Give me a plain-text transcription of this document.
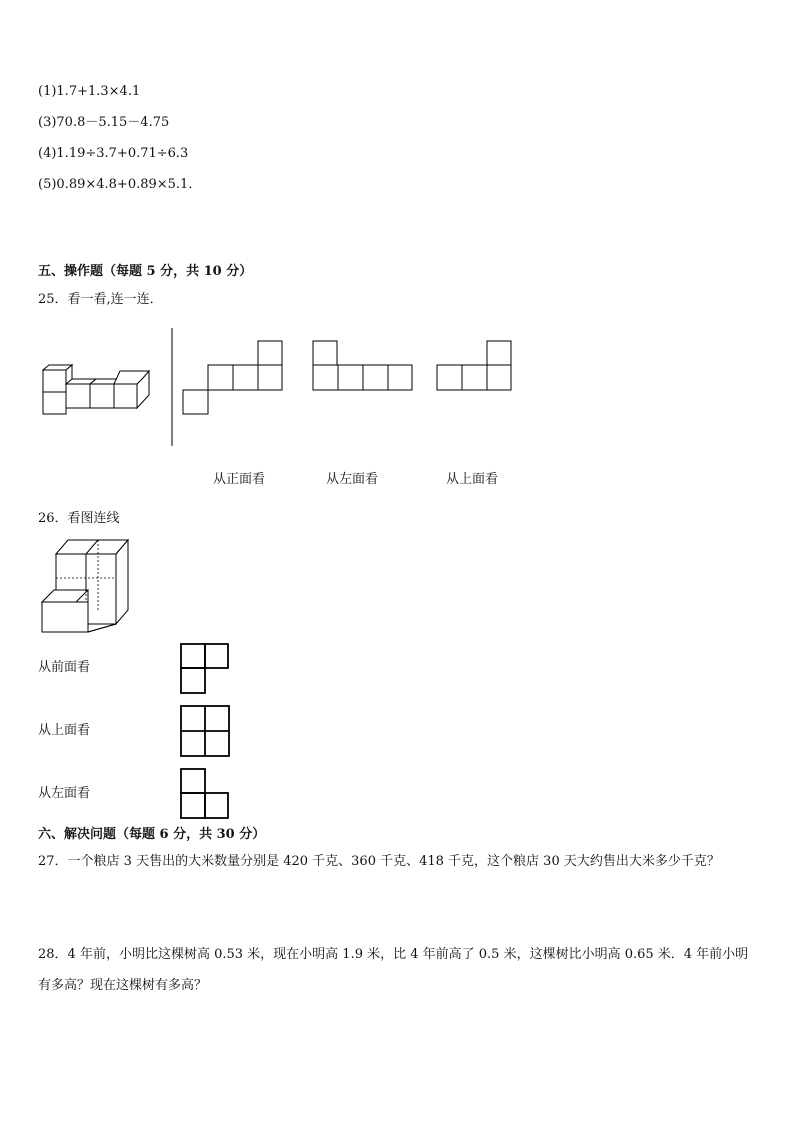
(1)1.7+1.3×4.1
(3)70.8－5.15－4.75
(4)1.19÷3.7+0.71÷6.3
(5)0.89×4.8+0.89×5.1．
五、操作题（每题 5 分，共 10 分）
25．看一看,连一连．
从正面看	从左面看	从上面看
26．看图连线
从前面看
从上面看
从左面看
六、解决问题（每题 6 分，共 30 分）
27．一个粮店 3 天售出的大米数量分别是 420 千克、360 千克、418 千克，这个粮店 30 天大约售出大米多少千克？
28．4 年前，小明比这棵树高 0.53 米，现在小明高 1.9 米，比 4 年前高了 0.5 米，这棵树比小明高 0.65 米．4 年前小明
有多高？现在这棵树有多高？
